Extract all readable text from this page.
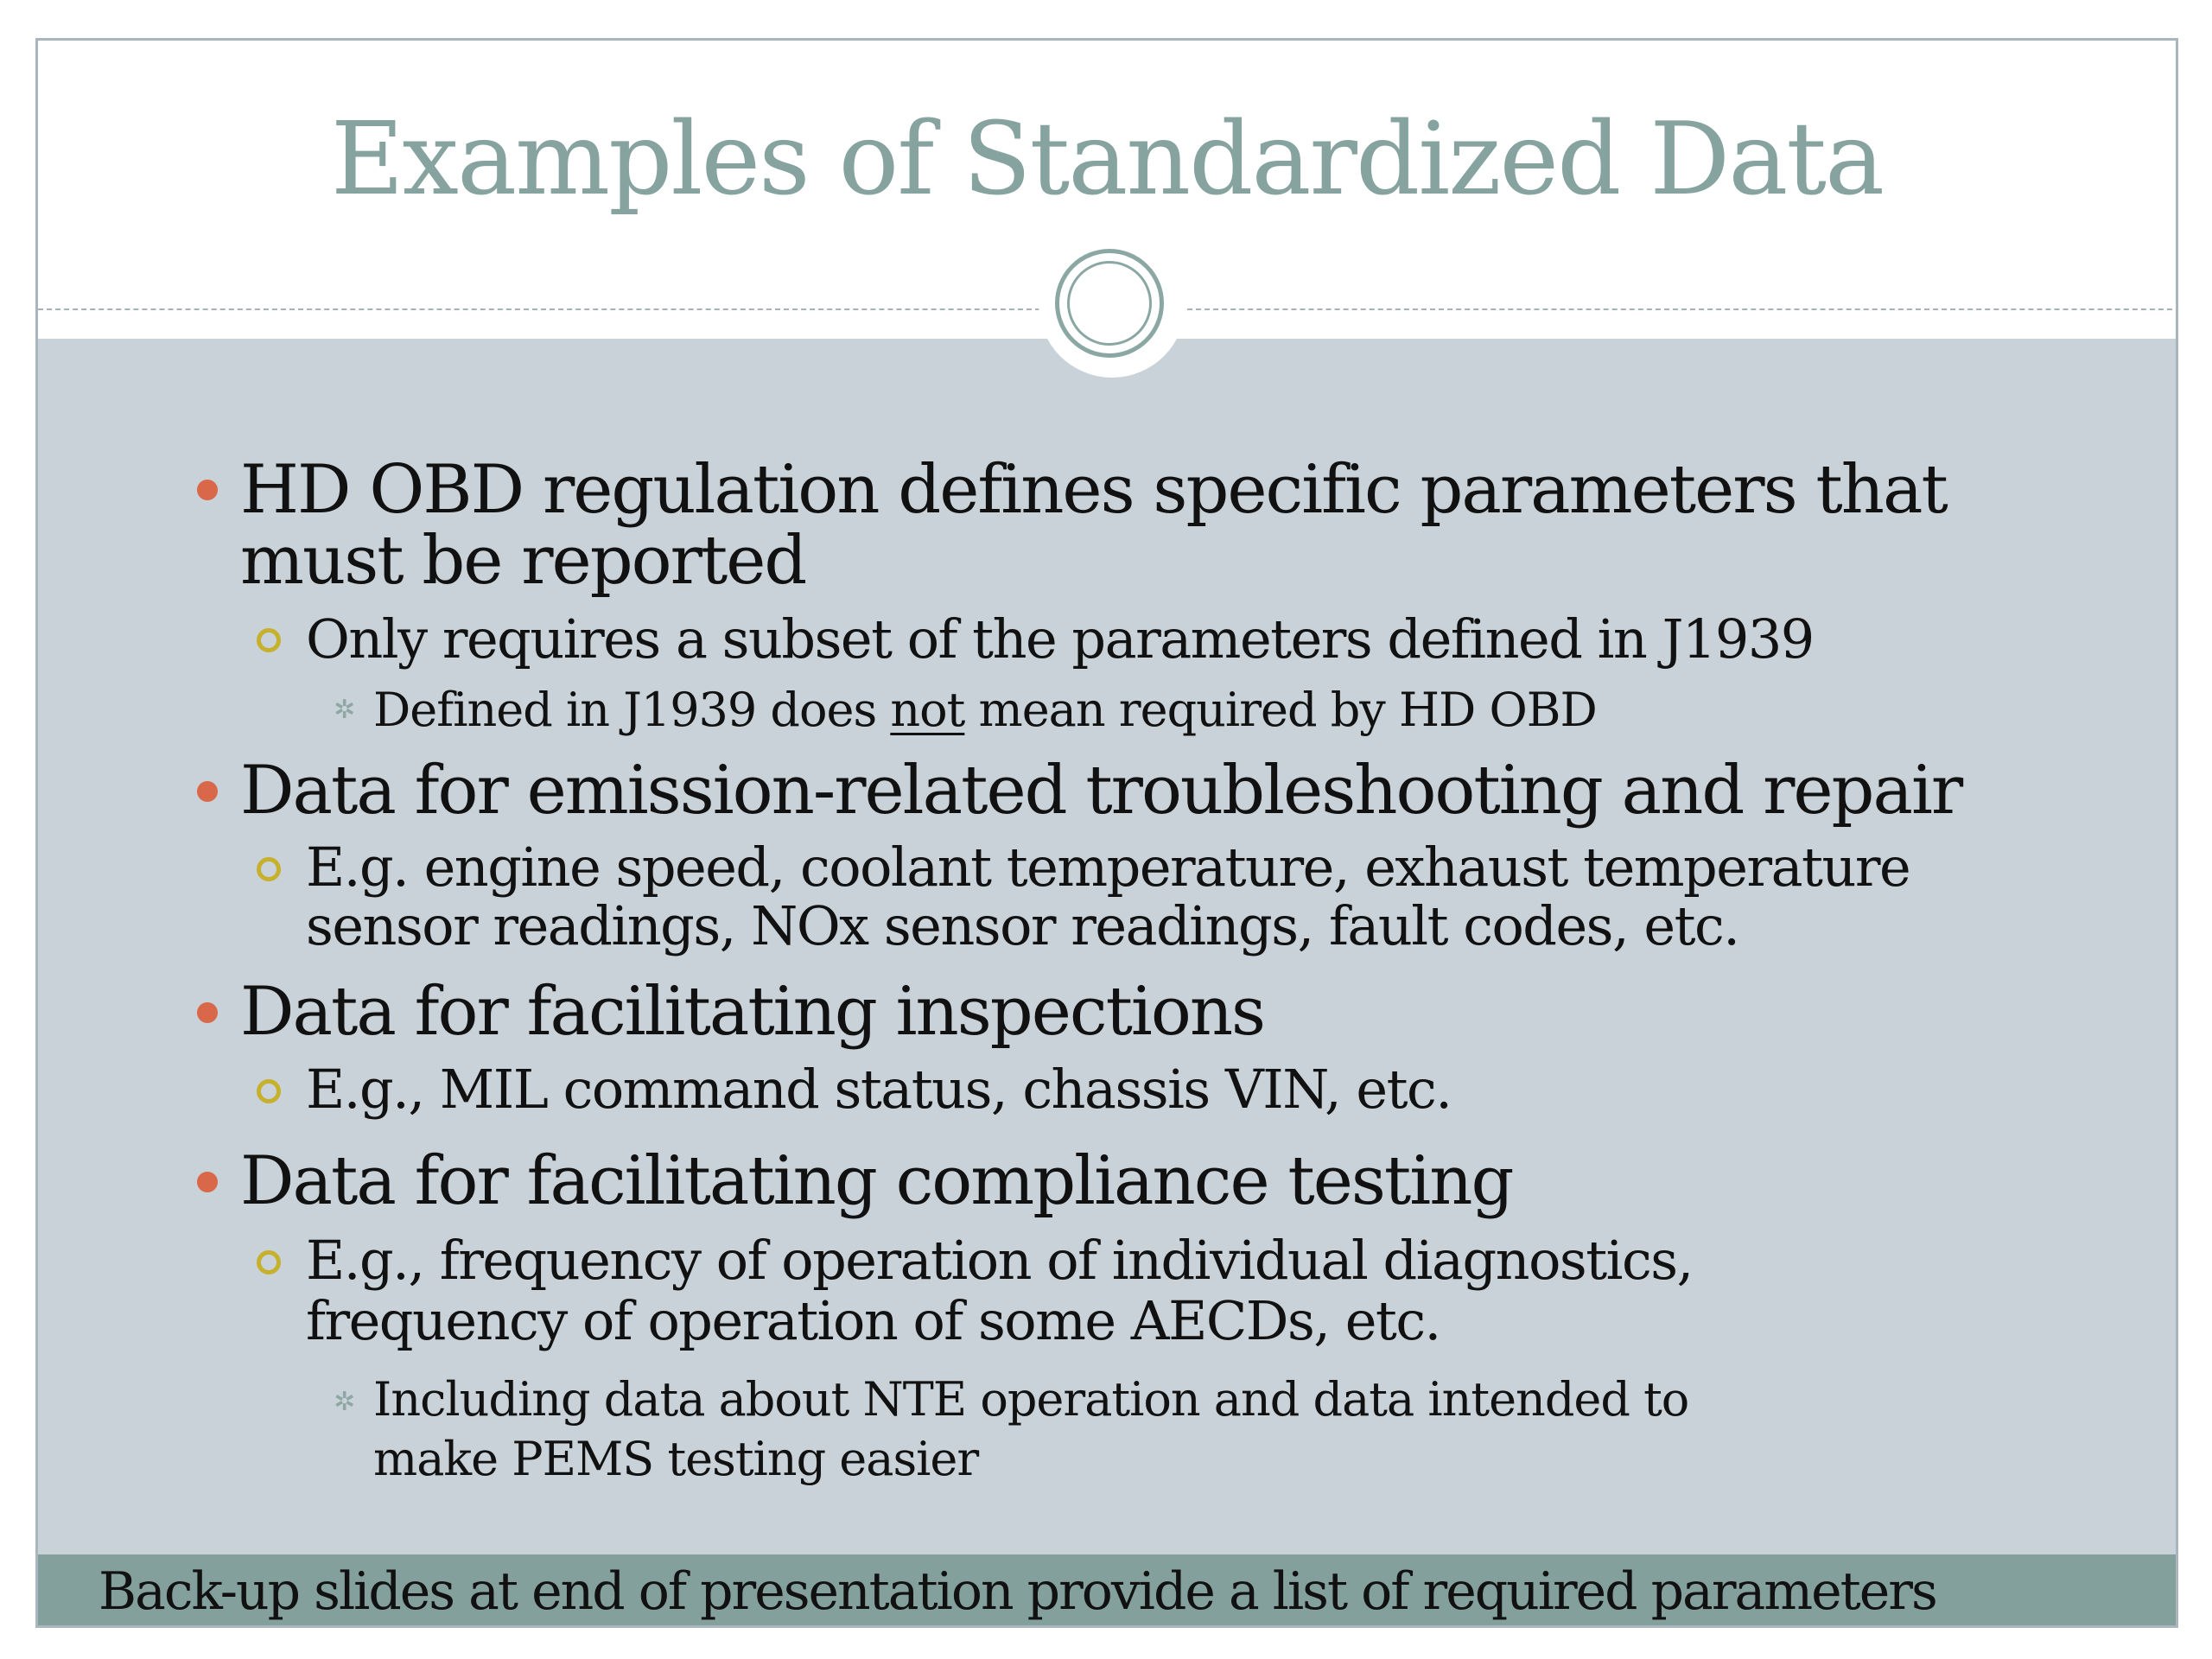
Examples of Standardized Data
HD OBD regulation defines specific parameters that
must be reported
Only requires a subset of the parameters defined in J1939
✲ Defined in J1939 does not mean required by HD OBD
Data for emission-related troubleshooting and repair
E.g. engine speed, coolant temperature, exhaust temperature
sensor readings, NOx sensor readings, fault codes, etc.
Data for facilitating inspections
E.g., MIL command status, chassis VIN, etc.
Data for facilitating compliance testing
E.g., frequency of operation of individual diagnostics,
frequency of operation of some AECDs, etc.
✲ Including data about NTE operation and data intended to
make PEMS testing easier
Back-up slides at end of presentation provide a list of required parameters
